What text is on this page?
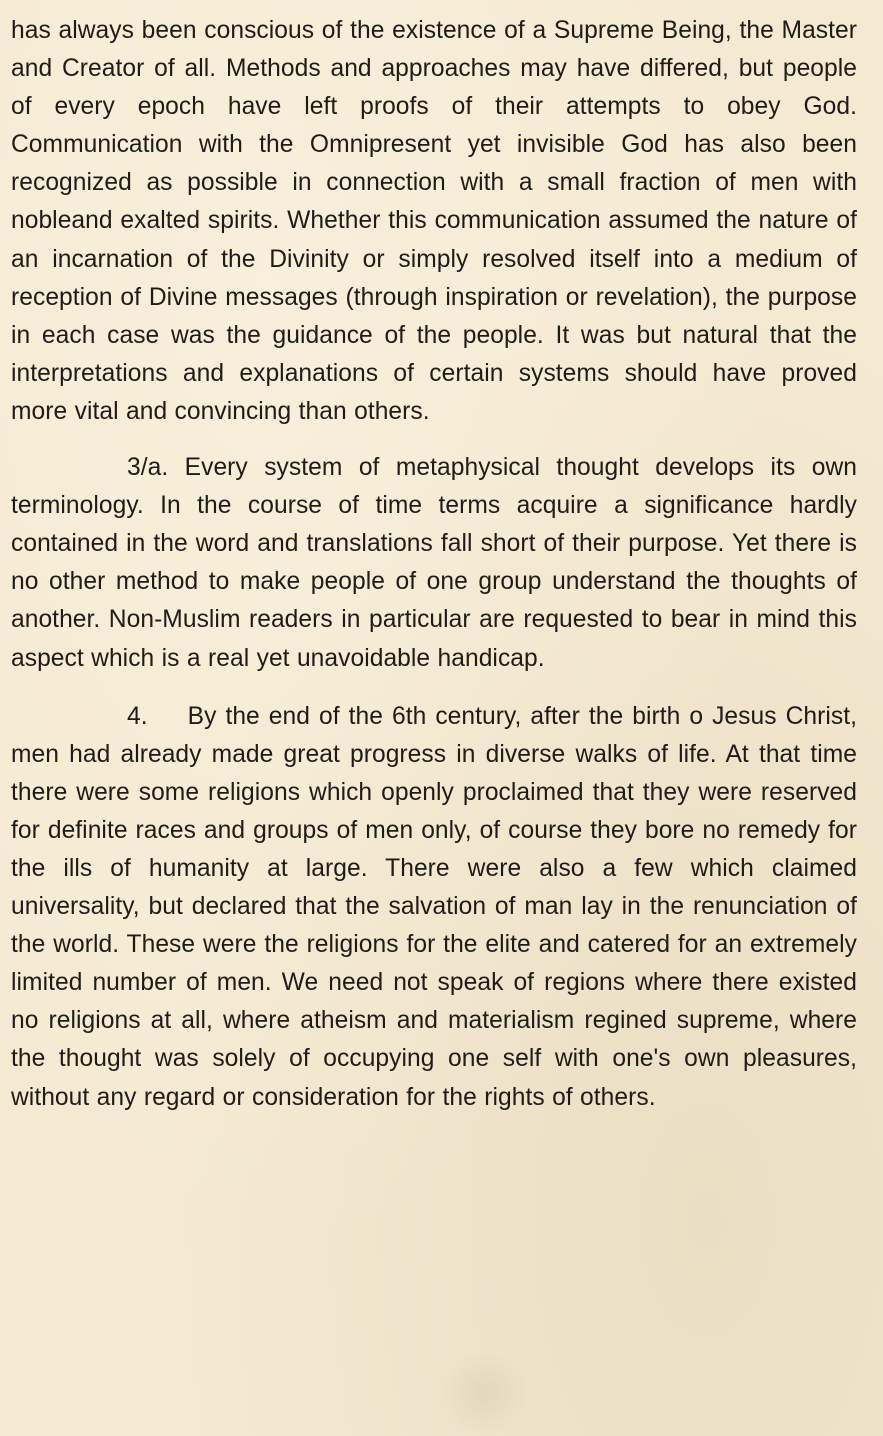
has always been conscious of the existence of a Supreme Being, the Master and Creator of all. Methods and approaches may have differed, but people of every epoch have left proofs of their attempts to obey God. Communication with the Omnipresent yet invisible God has also been recognized as possible in connection with a small fraction of men with nobleand exalted spirits. Whether this communication assumed the nature of an incarnation of the Divinity or simply resolved itself into a medium of reception of Divine messages (through inspiration or revelation), the purpose in each case was the guidance of the people. It was but natural that the interpretations and explanations of certain systems should have proved more vital and convincing than others.

3/a. Every system of metaphysical thought develops its own terminology. In the course of time terms acquire a significance hardly contained in the word and translations fall short of their purpose. Yet there is no other method to make people of one group understand the thoughts of another. Non-Muslim readers in particular are requested to bear in mind this aspect which is a real yet unavoidable handicap.

4. By the end of the 6th century, after the birth o Jesus Christ, men had already made great progress in diverse walks of life. At that time there were some religions which openly proclaimed that they were reserved for definite races and groups of men only, of course they bore no remedy for the ills of humanity at large. There were also a few which claimed universality, but declared that the salvation of man lay in the renunciation of the world. These were the religions for the elite and catered for an extremely limited number of men. We need not speak of regions where there existed no religions at all, where atheism and materialism regined supreme, where the thought was solely of occupying one self with one's own pleasures, without any regard or consideration for the rights of others.
